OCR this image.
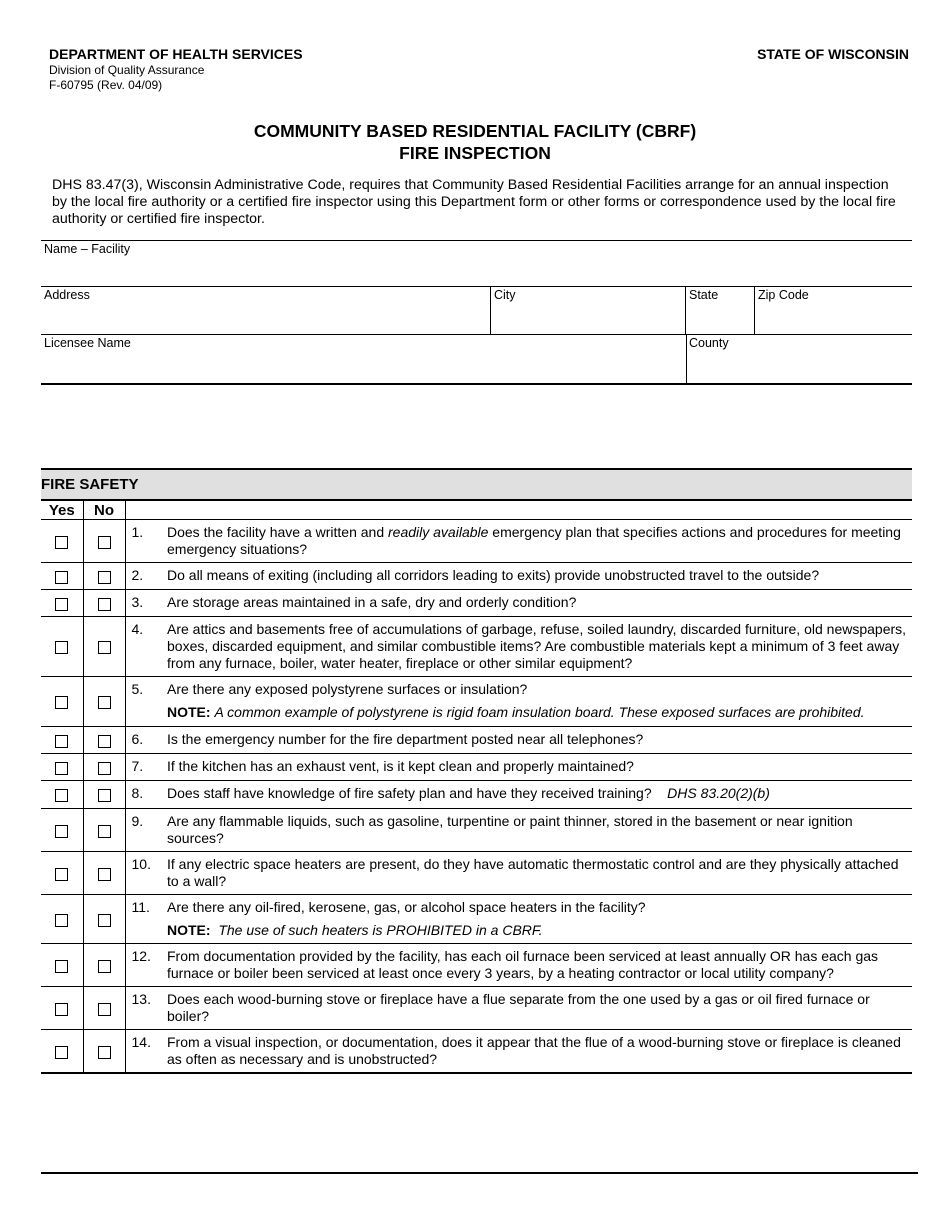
DEPARTMENT OF HEALTH SERVICES
Division of Quality Assurance
F-60795 (Rev. 04/09)
STATE OF WISCONSIN
COMMUNITY BASED RESIDENTIAL FACILITY (CBRF)
FIRE INSPECTION
DHS 83.47(3), Wisconsin Administrative Code, requires that Community Based Residential Facilities arrange for an annual inspection by the local fire authority or a certified fire inspector using this Department form or other forms or correspondence used by the local fire authority or certified fire inspector.
Name – Facility
Address	City	State	Zip Code
Licensee Name	County
FIRE SAFETY			
Yes	No		
		1.	Does the facility have a written and readily available emergency plan that specifies actions and procedures for meeting emergency situations?
		2.	Do all means of exiting (including all corridors leading to exits) provide unobstructed travel to the outside?
		3.	Are storage areas maintained in a safe, dry and orderly condition?
		4.	Are attics and basements free of accumulations of garbage, refuse, soiled laundry, discarded furniture, old newspapers, boxes, discarded equipment, and similar combustible items? Are combustible materials kept a minimum of 3 feet away from any furnace, boiler, water heater, fireplace or other similar equipment?
		5.	Are there any exposed polystyrene surfaces or insulation?
NOTE: A common example of polystyrene is rigid foam insulation board. These exposed surfaces are prohibited.

		6.	Is the emergency number for the fire department posted near all telephones?
		7.	If the kitchen has an exhaust vent, is it kept clean and properly maintained?
		8.	Does staff have knowledge of fire safety plan and have they received training? DHS 83.20(2)(b)
		9.	Are any flammable liquids, such as gasoline, turpentine or paint thinner, stored in the basement or near ignition sources?
		10.	If any electric space heaters are present, do they have automatic thermostatic control and are they physically attached to a wall?
		11.	Are there any oil-fired, kerosene, gas, or alcohol space heaters in the facility?
NOTE: The use of such heaters is PROHIBITED in a CBRF.

		12.	From documentation provided by the facility, has each oil furnace been serviced at least annually OR has each gas furnace or boiler been serviced at least once every 3 years, by a heating contractor or local utility company?
		13.	Does each wood-burning stove or fireplace have a flue separate from the one used by a gas or oil fired furnace or boiler?
		14.	From a visual inspection, or documentation, does it appear that the flue of a wood-burning stove or fireplace is cleaned as often as necessary and is unobstructed?
